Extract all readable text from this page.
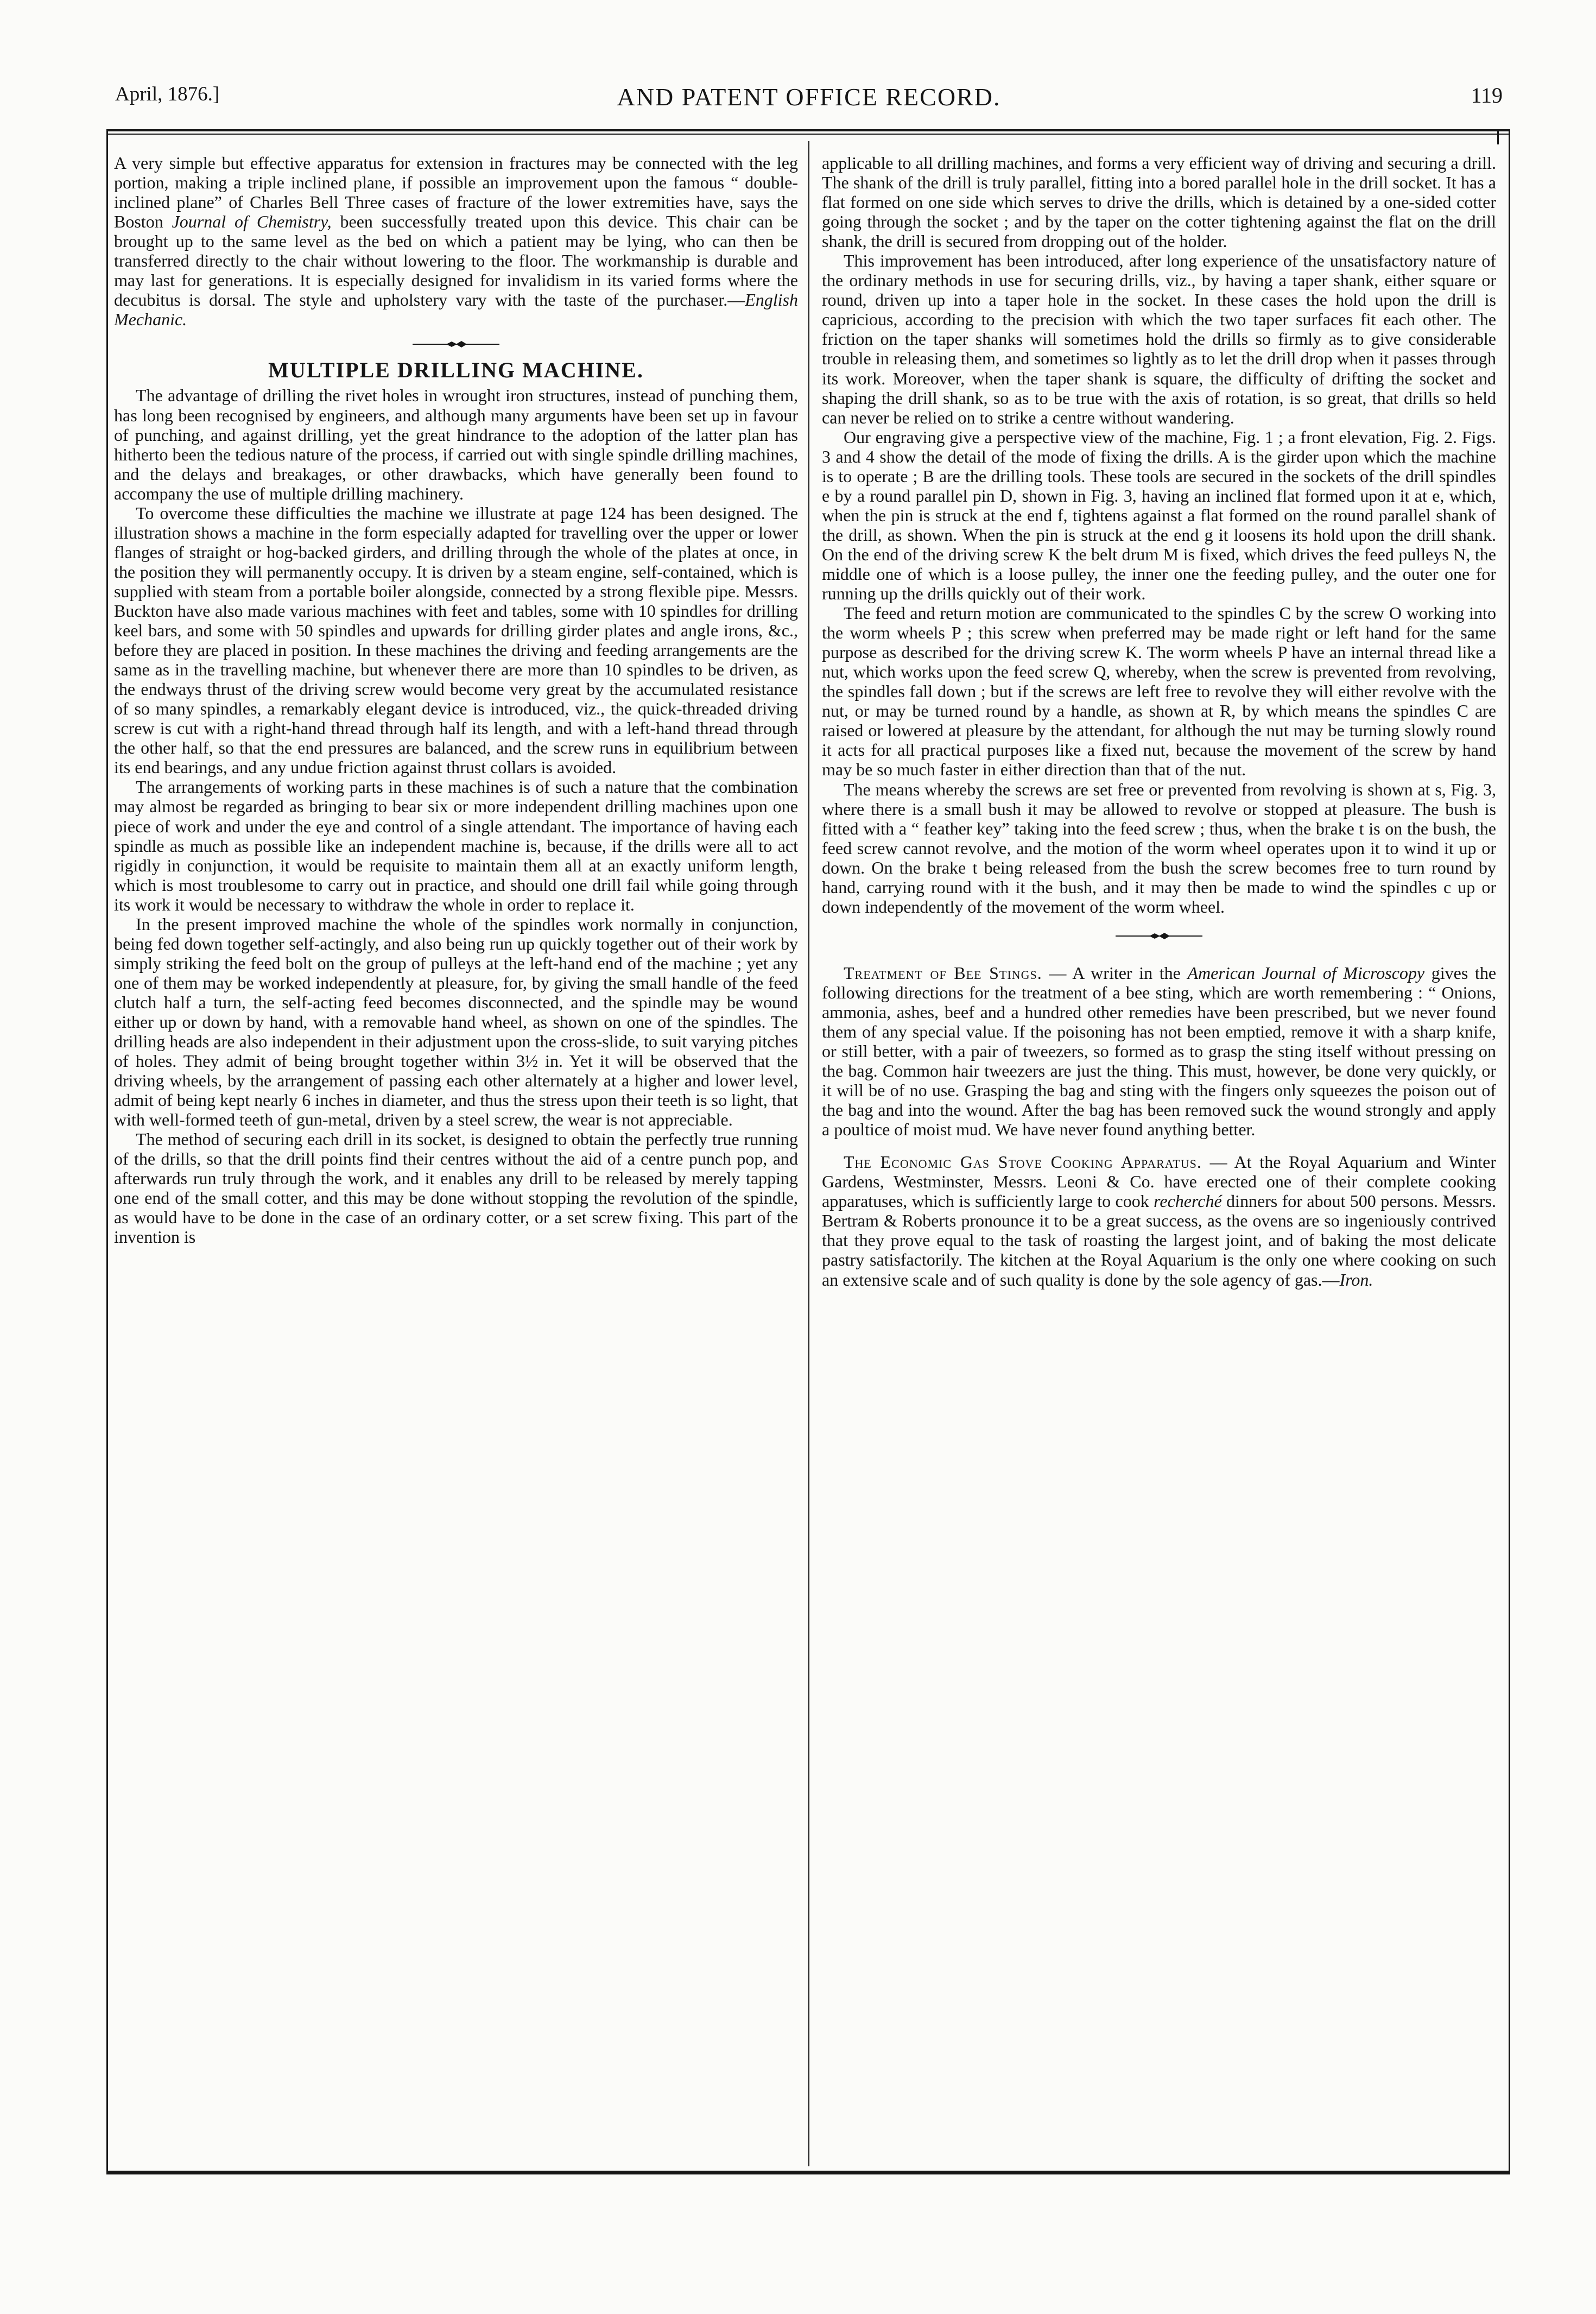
April, 1876.]	AND PATENT OFFICE RECORD.	119

A very simple but effective apparatus for extension in fractures may be connected with the leg portion, making a triple inclined plane, if possible an improvement upon the famous “ double-inclined plane” of Charles Bell Three cases of fracture of the lower extremities have, says the Boston Journal of Chemistry, been successfully treated upon this device. This chair can be brought up to the same level as the bed on which a patient may be lying, who can then be transferred directly to the chair without lowering to the floor. The workmanship is durable and may last for generations. It is especially designed for invalidism in its varied forms where the decubitus is dorsal. The style and upholstery vary with the taste of the purchaser.—English Mechanic.

MULTIPLE DRILLING MACHINE.

The advantage of drilling the rivet holes in wrought iron structures, instead of punching them, has long been recognised by engineers, and although many arguments have been set up in favour of punching, and against drilling, yet the great hindrance to the adoption of the latter plan has hitherto been the tedious nature of the process, if carried out with single spindle drilling machines, and the delays and breakages, or other drawbacks, which have generally been found to accompany the use of multiple drilling machinery.

To overcome these difficulties the machine we illustrate at page 124 has been designed. The illustration shows a machine in the form especially adapted for travelling over the upper or lower flanges of straight or hog-backed girders, and drilling through the whole of the plates at once, in the position they will permanently occupy. It is driven by a steam engine, self-contained, which is supplied with steam from a portable boiler alongside, connected by a strong flexible pipe. Messrs. Buckton have also made various machines with feet and tables, some with 10 spindles for drilling keel bars, and some with 50 spindles and upwards for drilling girder plates and angle irons, &c., before they are placed in position. In these machines the driving and feeding arrangements are the same as in the travelling machine, but whenever there are more than 10 spindles to be driven, as the endways thrust of the driving screw would become very great by the accumulated resistance of so many spindles, a remarkably elegant device is introduced, viz., the quick-threaded driving screw is cut with a right-hand thread through half its length, and with a left-hand thread through the other half, so that the end pressures are balanced, and the screw runs in equilibrium between its end bearings, and any undue friction against thrust collars is avoided.

The arrangements of working parts in these machines is of such a nature that the combination may almost be regarded as bringing to bear six or more independent drilling machines upon one piece of work and under the eye and control of a single attendant. The importance of having each spindle as much as possible like an independent machine is, because, if the drills were all to act rigidly in conjunction, it would be requisite to maintain them all at an exactly uniform length, which is most troublesome to carry out in practice, and should one drill fail while going through its work it would be necessary to withdraw the whole in order to replace it.

In the present improved machine the whole of the spindles work normally in conjunction, being fed down together self-actingly, and also being run up quickly together out of their work by simply striking the feed bolt on the group of pulleys at the left-hand end of the machine ; yet any one of them may be worked independently at pleasure, for, by giving the small handle of the feed clutch half a turn, the self-acting feed becomes disconnected, and the spindle may be wound either up or down by hand, with a removable hand wheel, as shown on one of the spindles. The drilling heads are also independent in their adjustment upon the cross-slide, to suit varying pitches of holes. They admit of being brought together within 3½ in. Yet it will be observed that the driving wheels, by the arrangement of passing each other alternately at a higher and lower level, admit of being kept nearly 6 inches in diameter, and thus the stress upon their teeth is so light, that with well-formed teeth of gun-metal, driven by a steel screw, the wear is not appreciable.

The method of securing each drill in its socket, is designed to obtain the perfectly true running of the drills, so that the drill points find their centres without the aid of a centre punch pop, and afterwards run truly through the work, and it enables any drill to be released by merely tapping one end of the small cotter, and this may be done without stopping the revolution of the spindle, as would have to be done in the case of an ordinary cotter, or a set screw fixing. This part of the invention is

applicable to all drilling machines, and forms a very efficient way of driving and securing a drill. The shank of the drill is truly parallel, fitting into a bored parallel hole in the drill socket. It has a flat formed on one side which serves to drive the drills, which is detained by a one-sided cotter going through the socket ; and by the taper on the cotter tightening against the flat on the drill shank, the drill is secured from dropping out of the holder.

This improvement has been introduced, after long experience of the unsatisfactory nature of the ordinary methods in use for securing drills, viz., by having a taper shank, either square or round, driven up into a taper hole in the socket. In these cases the hold upon the drill is capricious, according to the precision with which the two taper surfaces fit each other. The friction on the taper shanks will sometimes hold the drills so firmly as to give considerable trouble in releasing them, and sometimes so lightly as to let the drill drop when it passes through its work. Moreover, when the taper shank is square, the difficulty of drifting the socket and shaping the drill shank, so as to be true with the axis of rotation, is so great, that drills so held can never be relied on to strike a centre without wandering.

Our engraving give a perspective view of the machine, Fig. 1 ; a front elevation, Fig. 2. Figs. 3 and 4 show the detail of the mode of fixing the drills. A is the girder upon which the machine is to operate ; B are the drilling tools. These tools are secured in the sockets of the drill spindles e by a round parallel pin D, shown in Fig. 3, having an inclined flat formed upon it at e, which, when the pin is struck at the end f, tightens against a flat formed on the round parallel shank of the drill, as shown. When the pin is struck at the end g it loosens its hold upon the drill shank. On the end of the driving screw K the belt drum M is fixed, which drives the feed pulleys N, the middle one of which is a loose pulley, the inner one the feeding pulley, and the outer one for running up the drills quickly out of their work.

The feed and return motion are communicated to the spindles C by the screw O working into the worm wheels P ; this screw when preferred may be made right or left hand for the same purpose as described for the driving screw K. The worm wheels P have an internal thread like a nut, which works upon the feed screw Q, whereby, when the screw is prevented from revolving, the spindles fall down ; but if the screws are left free to revolve they will either revolve with the nut, or may be turned round by a handle, as shown at R, by which means the spindles C are raised or lowered at pleasure by the attendant, for although the nut may be turning slowly round it acts for all practical purposes like a fixed nut, because the movement of the screw by hand may be so much faster in either direction than that of the nut.

The means whereby the screws are set free or prevented from revolving is shown at s, Fig. 3, where there is a small bush it may be allowed to revolve or stopped at pleasure. The bush is fitted with a “ feather key” taking into the feed screw ; thus, when the brake t is on the bush, the feed screw cannot revolve, and the motion of the worm wheel operates upon it to wind it up or down. On the brake t being released from the bush the screw becomes free to turn round by hand, carrying round with it the bush, and it may then be made to wind the spindles c up or down independently of the movement of the worm wheel.

Treatment of Bee Stings. — A writer in the American Journal of Microscopy gives the following directions for the treatment of a bee sting, which are worth remembering : “ Onions, ammonia, ashes, beef and a hundred other remedies have been prescribed, but we never found them of any special value. If the poisoning has not been emptied, remove it with a sharp knife, or still better, with a pair of tweezers, so formed as to grasp the sting itself without pressing on the bag. Common hair tweezers are just the thing. This must, however, be done very quickly, or it will be of no use. Grasping the bag and sting with the fingers only squeezes the poison out of the bag and into the wound. After the bag has been removed suck the wound strongly and apply a poultice of moist mud. We have never found anything better.

The Economic Gas Stove Cooking Apparatus. — At the Royal Aquarium and Winter Gardens, Westminster, Messrs. Leoni & Co. have erected one of their complete cooking apparatuses, which is sufficiently large to cook recherché dinners for about 500 persons. Messrs. Bertram & Roberts pronounce it to be a great success, as the ovens are so ingeniously contrived that they prove equal to the task of roasting the largest joint, and of baking the most delicate pastry satisfactorily. The kitchen at the Royal Aquarium is the only one where cooking on such an extensive scale and of such quality is done by the sole agency of gas.—Iron.
